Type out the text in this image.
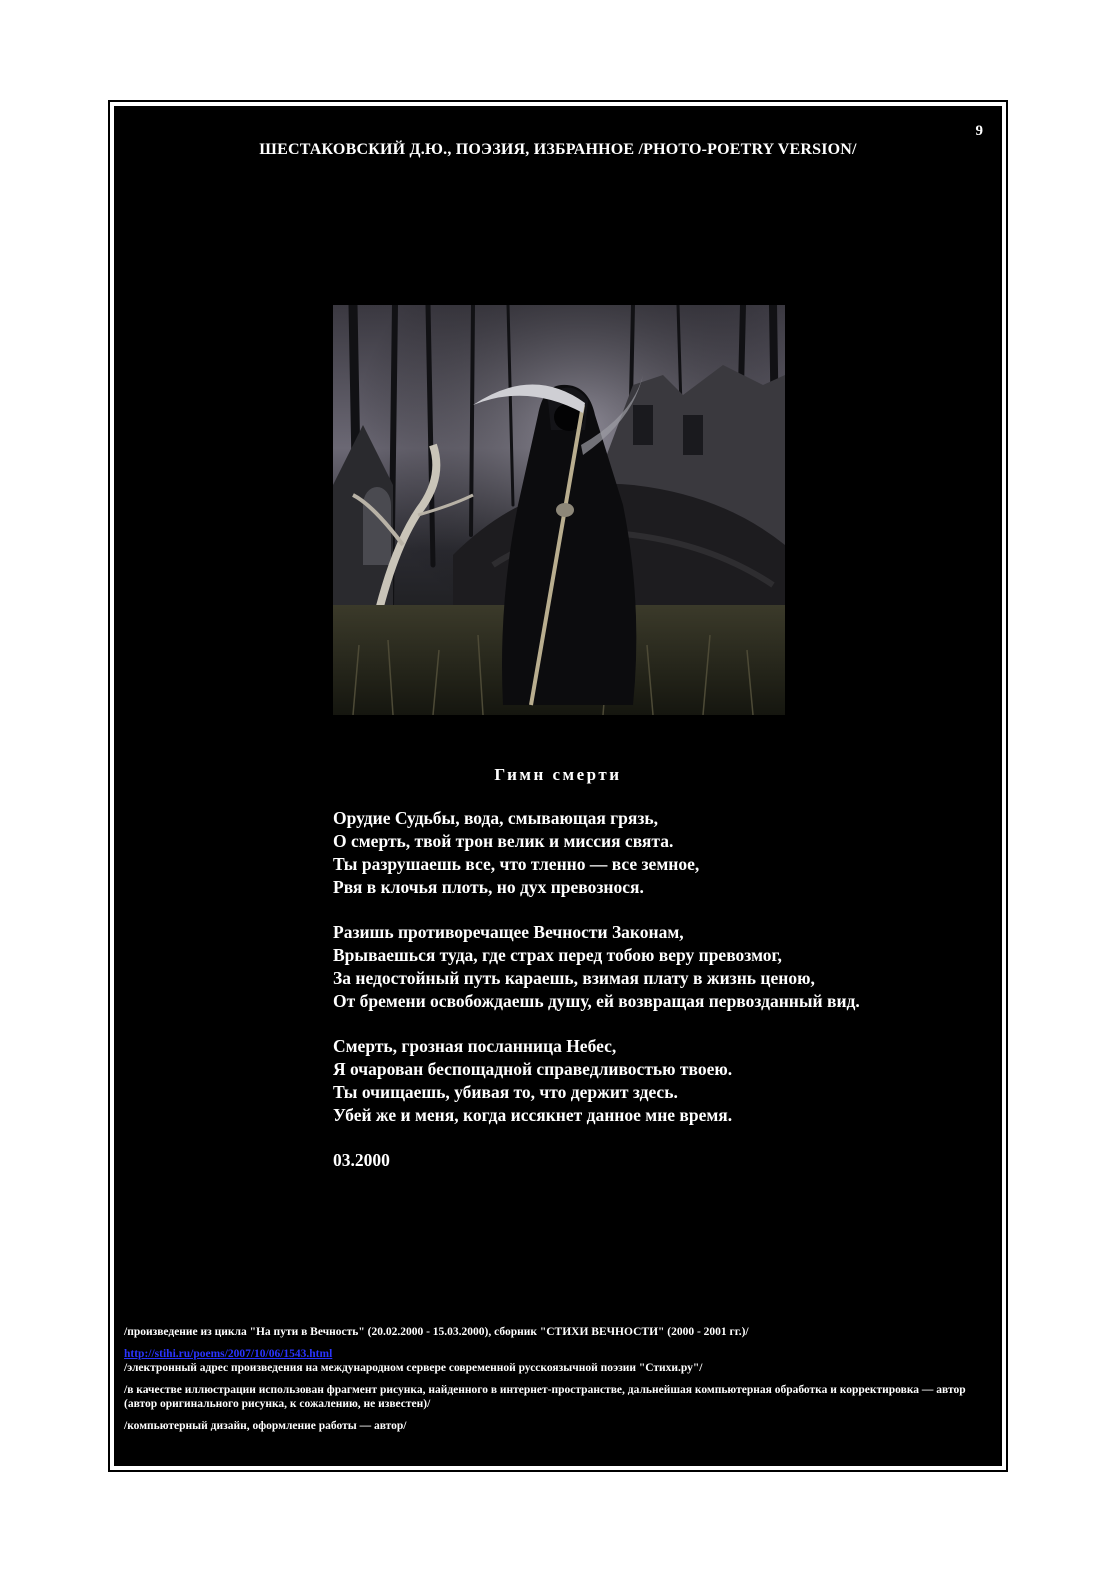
9
ШЕСТАКОВСКИЙ Д.Ю., ПОЭЗИЯ, ИЗБРАННОЕ /PHOTO-POETRY VERSION/
Гимн смерти
Орудие Судьбы, вода, смывающая грязь,
О смерть, твой трон велик и миссия свята.
Ты разрушаешь все, что тленно — все земное,
Рвя в клочья плоть, но дух превознося.
Разишь противоречащее Вечности Законам,
Врываешься туда, где страх перед тобою веру превозмог,
За недостойный путь караешь, взимая плату в жизнь ценою,
От бремени освобождаешь душу, ей возвращая первозданный вид.
Смерть, грозная посланница Небес,
Я очарован беспощадной справедливостью твоею.
Ты очищаешь, убивая то, что держит здесь.
Убей же и меня, когда иссякнет данное мне время.
03.2000
/произведение из цикла "На пути в Вечность" (20.02.2000 - 15.03.2000), сборник "СТИХИ ВЕЧНОСТИ" (2000 - 2001 гг.)/
http://stihi.ru/poems/2007/10/06/1543.html
/электронный адрес произведения на международном сервере современной русскоязычной поэзии "Стихи.ру"/
/в качестве иллюстрации использован фрагмент рисунка, найденного в интернет-пространстве, дальнейшая компьютерная обработка и корректировка — автор (автор оригинального рисунка, к сожалению, не известен)/
/компьютерный дизайн, оформление работы — автор/
